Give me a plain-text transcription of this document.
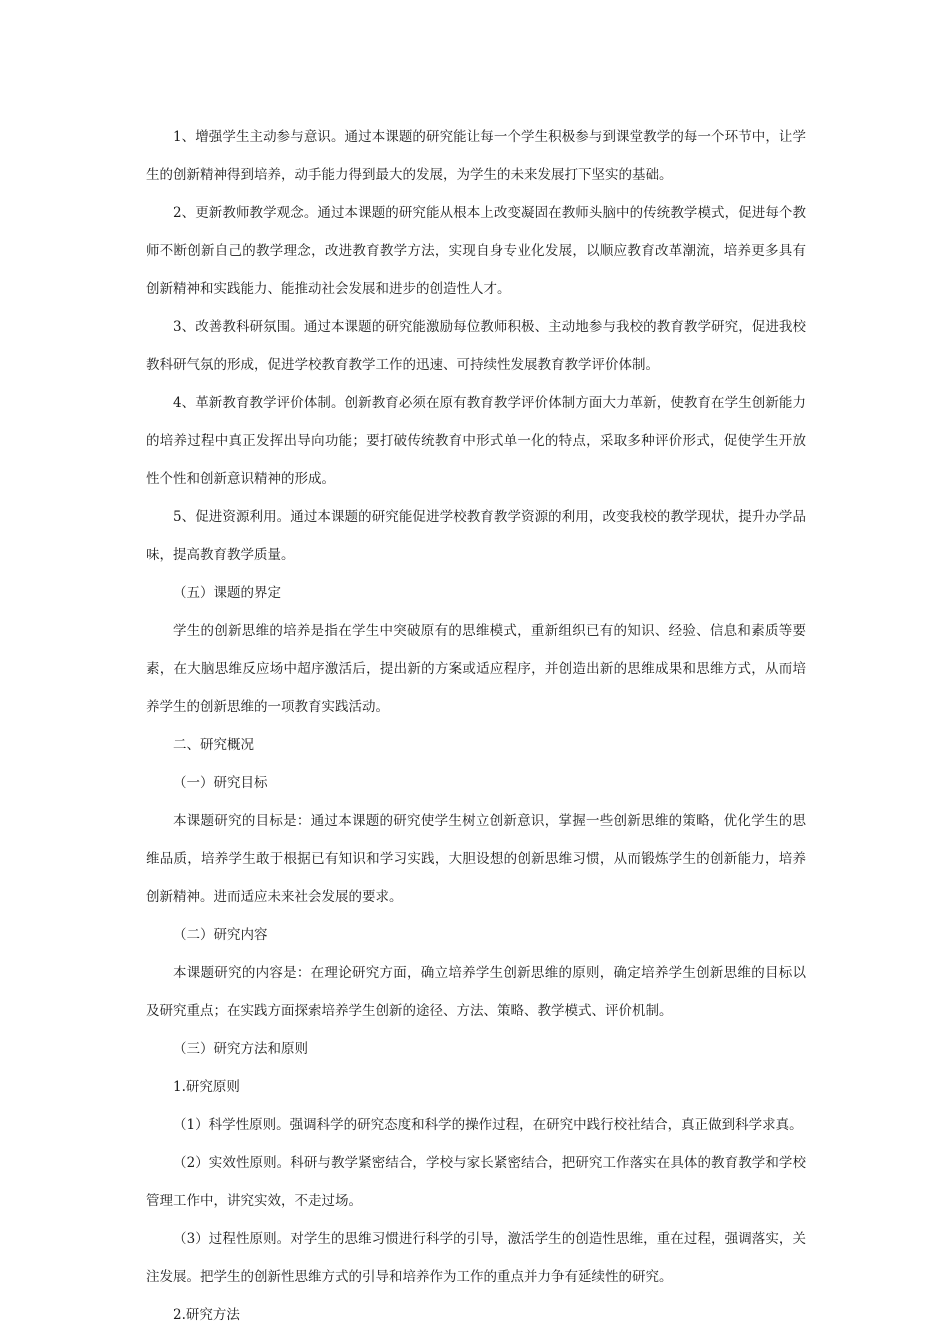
1、增强学生主动参与意识。通过本课题的研究能让每一个学生积极参与到课堂教学的每一个环节中，让学生的创新精神得到培养，动手能力得到最大的发展，为学生的未来发展打下坚实的基础。

2、更新教师教学观念。通过本课题的研究能从根本上改变凝固在教师头脑中的传统教学模式，促进每个教师不断创新自己的教学理念，改进教育教学方法，实现自身专业化发展，以顺应教育改革潮流，培养更多具有创新精神和实践能力、能推动社会发展和进步的创造性人才。

3、改善教科研氛围。通过本课题的研究能激励每位教师积极、主动地参与我校的教育教学研究，促进我校教科研气氛的形成，促进学校教育教学工作的迅速、可持续性发展教育教学评价体制。

4、革新教育教学评价体制。创新教育必须在原有教育教学评价体制方面大力革新，使教育在学生创新能力的培养过程中真正发挥出导向功能；要打破传统教育中形式单一化的特点，采取多种评价形式，促使学生开放性个性和创新意识精神的形成。

5、促进资源利用。通过本课题的研究能促进学校教育教学资源的利用，改变我校的教学现状，提升办学品味，提高教育教学质量。

（五）课题的界定

学生的创新思维的培养是指在学生中突破原有的思维模式，重新组织已有的知识、经验、信息和素质等要素，在大脑思维反应场中超序激活后，提出新的方案或适应程序，并创造出新的思维成果和思维方式，从而培养学生的创新思维的一项教育实践活动。

二、研究概况

（一）研究目标

本课题研究的目标是：通过本课题的研究使学生树立创新意识，掌握一些创新思维的策略，优化学生的思维品质，培养学生敢于根据已有知识和学习实践，大胆设想的创新思维习惯，从而锻炼学生的创新能力，培养创新精神。进而适应未来社会发展的要求。

（二）研究内容

本课题研究的内容是：在理论研究方面，确立培养学生创新思维的原则，确定培养学生创新思维的目标以及研究重点；在实践方面探索培养学生创新的途径、方法、策略、教学模式、评价机制。

（三）研究方法和原则

1.研究原则

（1）科学性原则。强调科学的研究态度和科学的操作过程，在研究中践行校社结合，真正做到科学求真。

（2）实效性原则。科研与教学紧密结合，学校与家长紧密结合，把研究工作落实在具体的教育教学和学校管理工作中，讲究实效，不走过场。

（3）过程性原则。对学生的思维习惯进行科学的引导，激活学生的创造性思维，重在过程，强调落实，关注发展。把学生的创新性思维方式的引导和培养作为工作的重点并力争有延续性的研究。

2.研究方法
